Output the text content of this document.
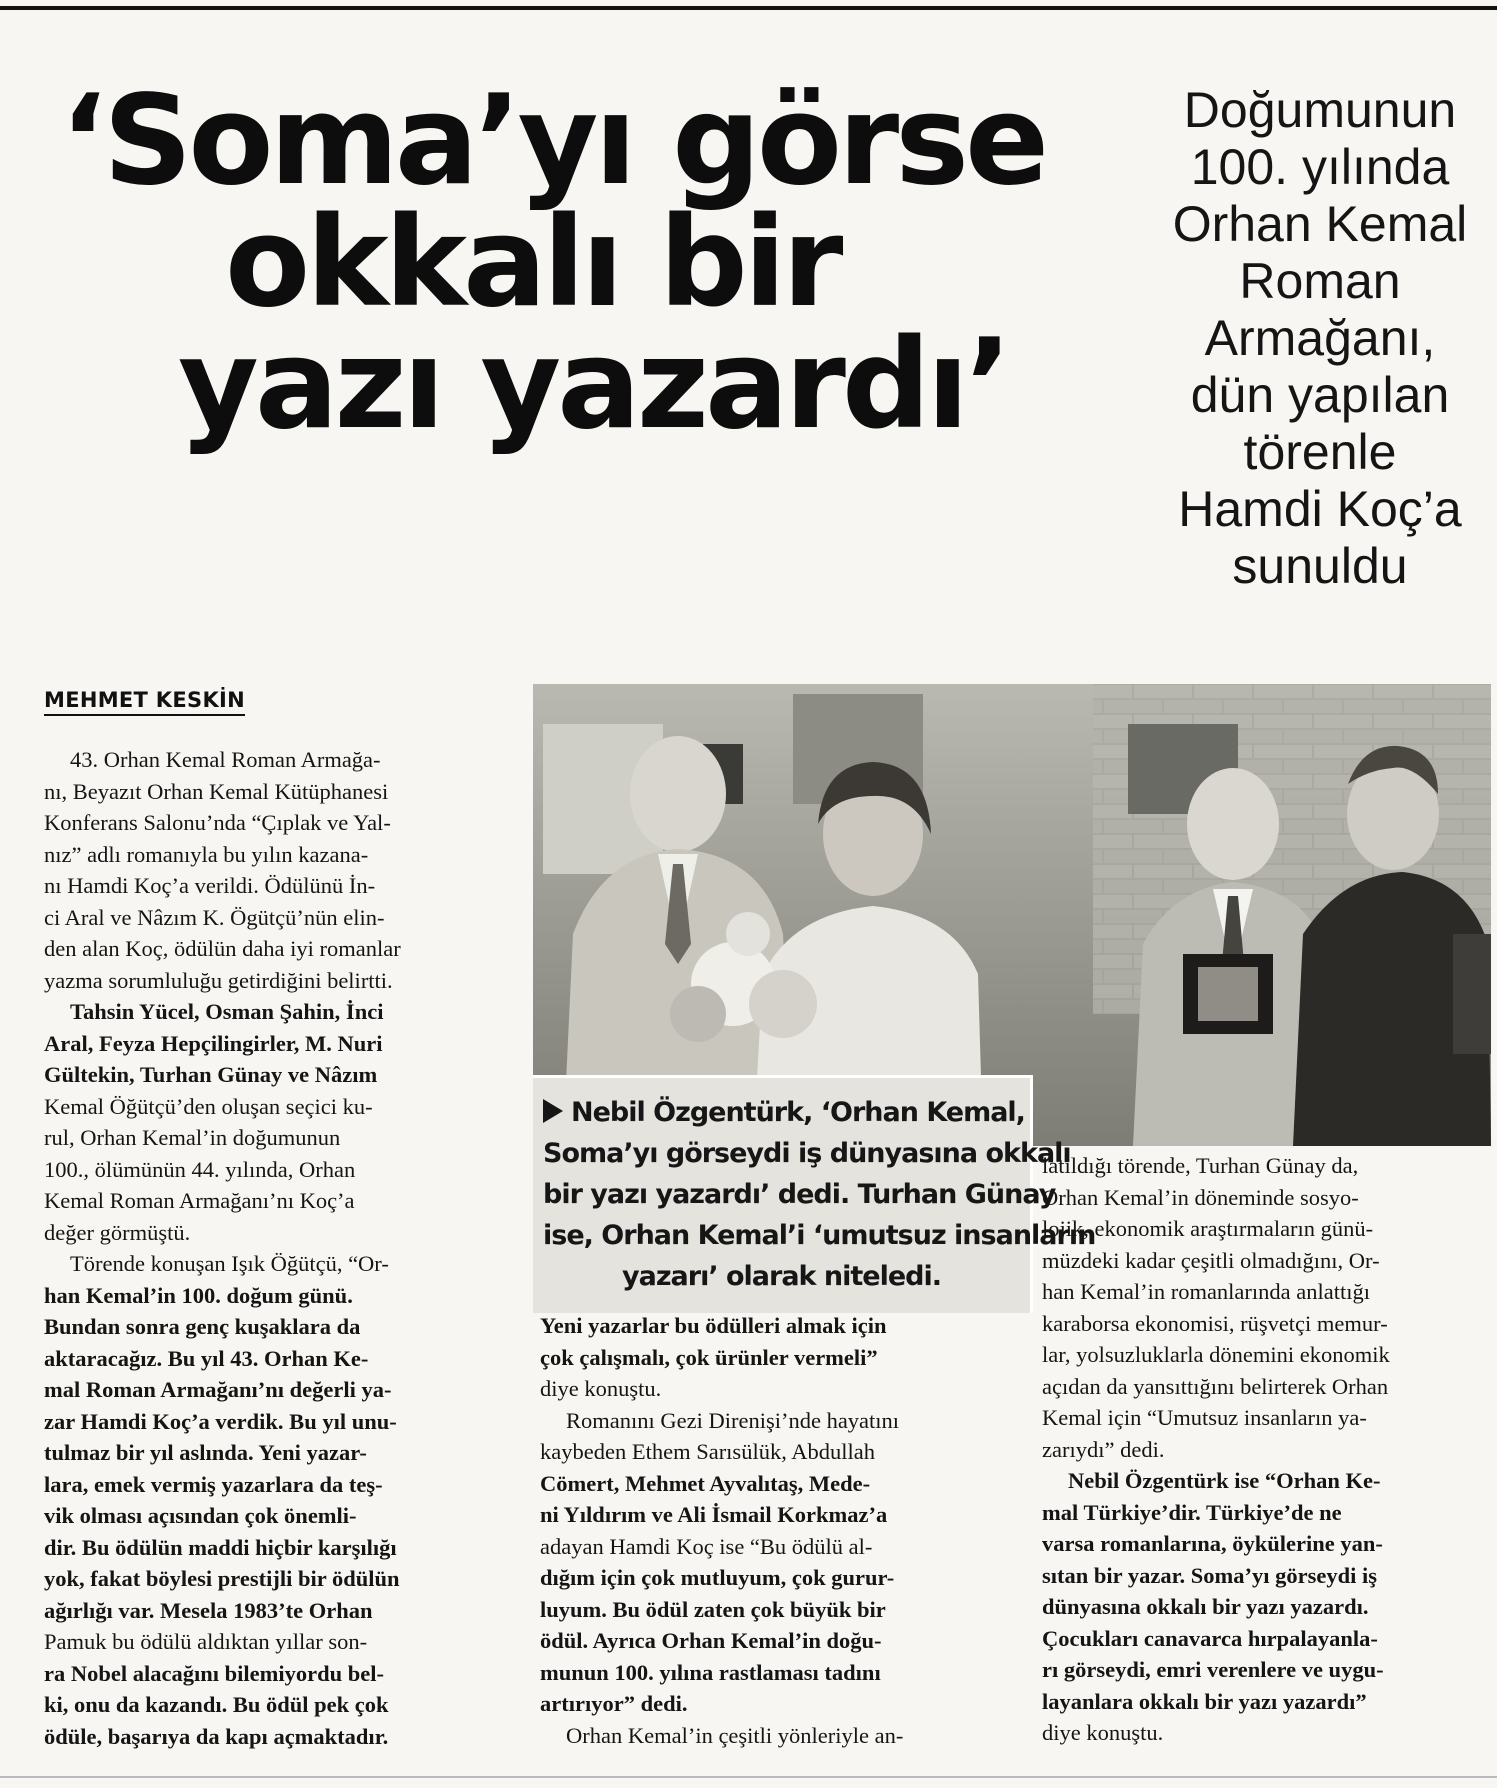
‘Soma’yı görse
okkalı bir
yazı yazardı’
Doğumunun
100. yılında
Orhan Kemal
Roman
Armağanı,
dün yapılan
törenle
Hamdi Koç’a
sunuldu
MEHMET KESKİN
Nebil Özgentürk, ‘Orhan Kemal,
Soma’yı görseydi iş dünyasına okkalı
bir yazı yazardı’ dedi. Turhan Günay
ise, Orhan Kemal’i ‘umutsuz insanların
yazarı’ olarak niteledi.
43. Orhan Kemal Roman Armağa-
nı, Beyazıt Orhan Kemal Kütüphanesi
Konferans Salonu’nda “Çıplak ve Yal-
nız” adlı romanıyla bu yılın kazana-
nı Hamdi Koç’a verildi. Ödülünü İn-
ci Aral ve Nâzım K. Ögütçü’nün elin-
den alan Koç, ödülün daha iyi romanlar
yazma sorumluluğu getirdiğini belirtti.
Tahsin Yücel, Osman Şahin, İnci
Aral, Feyza Hepçilingirler, M. Nuri
Gültekin, Turhan Günay ve Nâzım
Kemal Öğütçü’den oluşan seçici ku-
rul, Orhan Kemal’in doğumunun
100., ölümünün 44. yılında, Orhan
Kemal Roman Armağanı’nı Koç’a
değer görmüştü.
Törende konuşan Işık Öğütçü, “Or-
han Kemal’in 100. doğum günü.
Bundan sonra genç kuşaklara da
aktaracağız. Bu yıl 43. Orhan Ke-
mal Roman Armağanı’nı değerli ya-
zar Hamdi Koç’a verdik. Bu yıl unu-
tulmaz bir yıl aslında. Yeni yazar-
lara, emek vermiş yazarlara da teş-
vik olması açısından çok önemli-
dir. Bu ödülün maddi hiçbir karşılığı
yok, fakat böylesi prestijli bir ödülün
ağırlığı var. Mesela 1983’te Orhan
Pamuk bu ödülü aldıktan yıllar son-
ra Nobel alacağını bilemiyordu bel-
ki, onu da kazandı. Bu ödül pek çok
ödüle, başarıya da kapı açmaktadır.
Yeni yazarlar bu ödülleri almak için
çok çalışmalı, çok ürünler vermeli”
diye konuştu.
Romanını Gezi Direnişi’nde hayatını
kaybeden Ethem Sarısülük, Abdullah
Cömert, Mehmet Ayvalıtaş, Mede-
ni Yıldırım ve Ali İsmail Korkmaz’a
adayan Hamdi Koç ise “Bu ödülü al-
dığım için çok mutluyum, çok gurur-
luyum. Bu ödül zaten çok büyük bir
ödül. Ayrıca Orhan Kemal’in doğu-
munun 100. yılına rastlaması tadını
artırıyor” dedi.
Orhan Kemal’in çeşitli yönleriyle an-
latıldığı törende, Turhan Günay da,
Orhan Kemal’in döneminde sosyo-
lojik, ekonomik araştırmaların günü-
müzdeki kadar çeşitli olmadığını, Or-
han Kemal’in romanlarında anlattığı
karaborsa ekonomisi, rüşvetçi memur-
lar, yolsuzluklarla dönemini ekonomik
açıdan da yansıttığını belirterek Orhan
Kemal için “Umutsuz insanların ya-
zarıydı” dedi.
Nebil Özgentürk ise “Orhan Ke-
mal Türkiye’dir. Türkiye’de ne
varsa romanlarına, öykülerine yan-
sıtan bir yazar. Soma’yı görseydi iş
dünyasına okkalı bir yazı yazardı.
Çocukları canavarca hırpalayanla-
rı görseydi, emri verenlere ve uygu-
layanlara okkalı bir yazı yazardı”
diye konuştu.
